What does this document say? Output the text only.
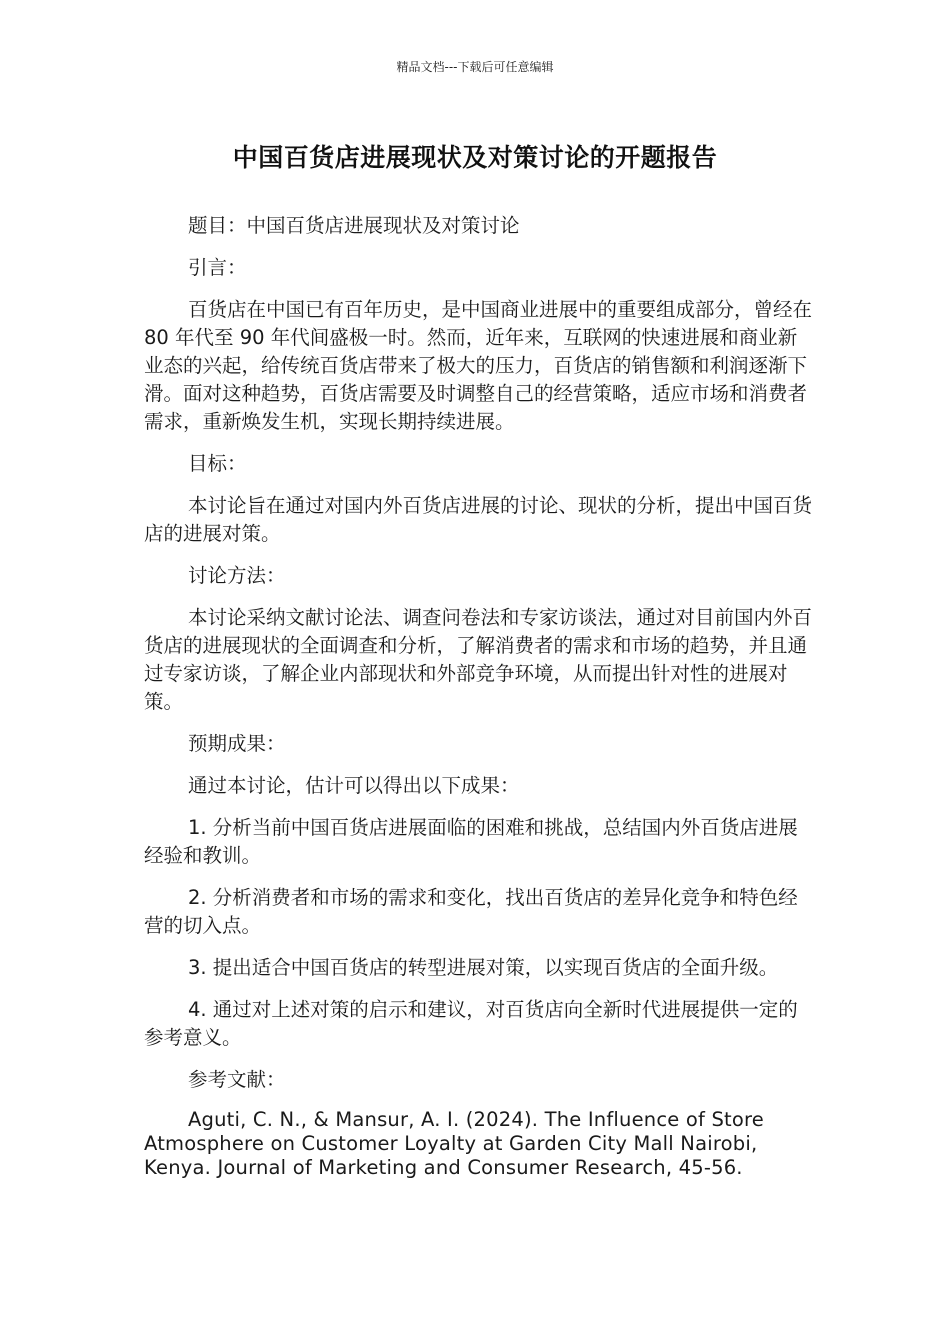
精品文档---下载后可任意编辑
中国百货店进展现状及对策讨论的开题报告

题目：中国百货店进展现状及对策讨论

引言：

百货店在中国已有百年历史，是中国商业进展中的重要组成部分，曾经在 80 年代至 90 年代间盛极一时。然而，近年来，互联网的快速进展和商业新业态的兴起，给传统百货店带来了极大的压力，百货店的销售额和利润逐渐下滑。面对这种趋势，百货店需要及时调整自己的经营策略，适应市场和消费者需求，重新焕发生机，实现长期持续进展。

目标：

本讨论旨在通过对国内外百货店进展的讨论、现状的分析，提出中国百货店的进展对策。

讨论方法：

本讨论采纳文献讨论法、调查问卷法和专家访谈法，通过对目前国内外百货店的进展现状的全面调查和分析，了解消费者的需求和市场的趋势，并且通过专家访谈，了解企业内部现状和外部竞争环境，从而提出针对性的进展对策。

预期成果：

通过本讨论，估计可以得出以下成果：

1. 分析当前中国百货店进展面临的困难和挑战，总结国内外百货店进展经验和教训。

2. 分析消费者和市场的需求和变化，找出百货店的差异化竞争和特色经营的切入点。

3. 提出适合中国百货店的转型进展对策，以实现百货店的全面升级。

4. 通过对上述对策的启示和建议，对百货店向全新时代进展提供一定的参考意义。

参考文献：

Aguti, C. N., & Mansur, A. I. (2024). The Influence of Store Atmosphere on Customer Loyalty at Garden City Mall Nairobi, Kenya. Journal of Marketing and Consumer Research, 45-56.
